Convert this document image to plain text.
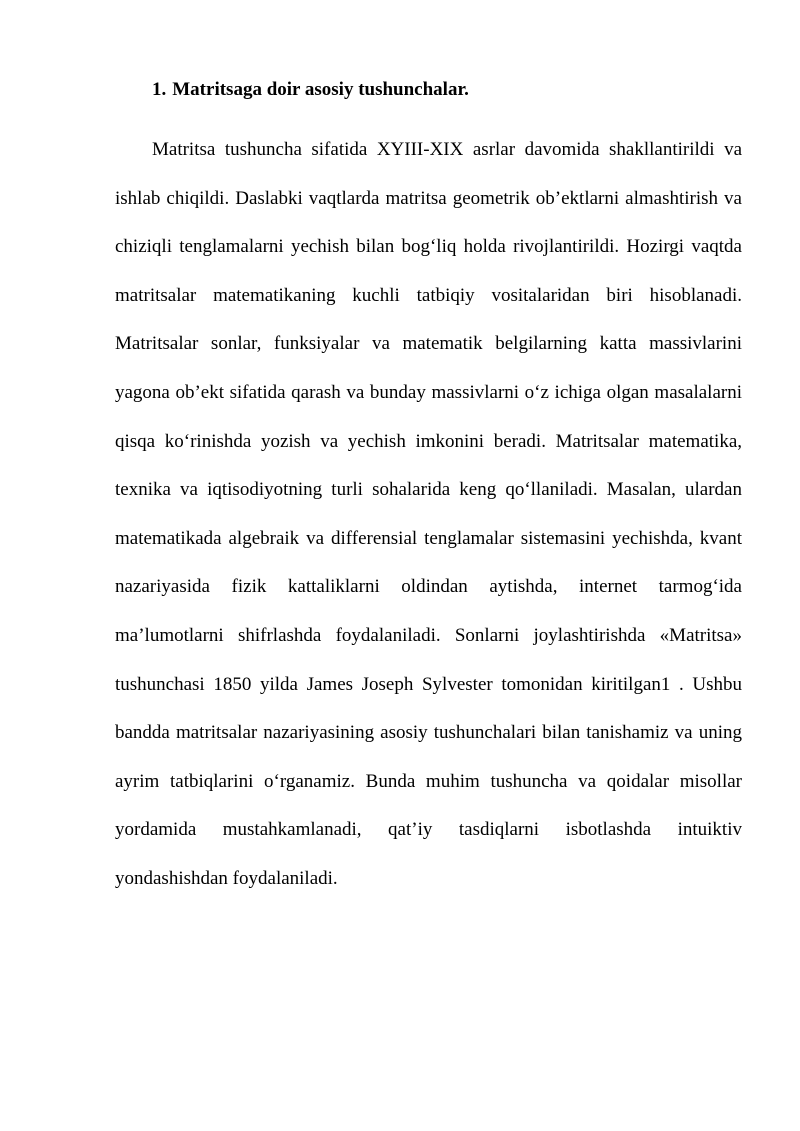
1. Matritsaga doir asosiy tushunchalar.

Matritsa tushuncha sifatida XYIII-XIX asrlar davomida shakllantirildi va ishlab chiqildi. Daslabki vaqtlarda matritsa geometrik ob’ektlarni almashtirish va chiziqli tenglamalarni yechish bilan bog‘liq holda rivojlantirildi. Hozirgi vaqtda matritsalar matematikaning kuchli tatbiqiy vositalaridan biri hisoblanadi. Matritsalar sonlar, funksiyalar va matematik belgilarning katta massivlarini yagona ob’ekt sifatida qarash va bunday massivlarni o‘z ichiga olgan masalalarni qisqa ko‘rinishda yozish va yechish imkonini beradi. Matritsalar matematika, texnika va iqtisodiyotning turli sohalarida keng qo‘llaniladi. Masalan, ulardan matematikada algebraik va differensial tenglamalar sistemasini yechishda, kvant nazariyasida fizik kattaliklarni oldindan aytishda, internet tarmog‘ida ma’lumotlarni shifrlashda foydalaniladi. Sonlarni joylashtirishda «Matritsa» tushunchasi 1850 yilda James Joseph Sylvester tomonidan kiritilgan1 . Ushbu bandda matritsalar nazariyasining asosiy tushunchalari bilan tanishamiz va uning ayrim tatbiqlarini o‘rganamiz. Bunda muhim tushuncha va qoidalar misollar yordamida mustahkamlanadi, qat’iy tasdiqlarni isbotlashda intuiktiv yondashishdan foydalaniladi.
